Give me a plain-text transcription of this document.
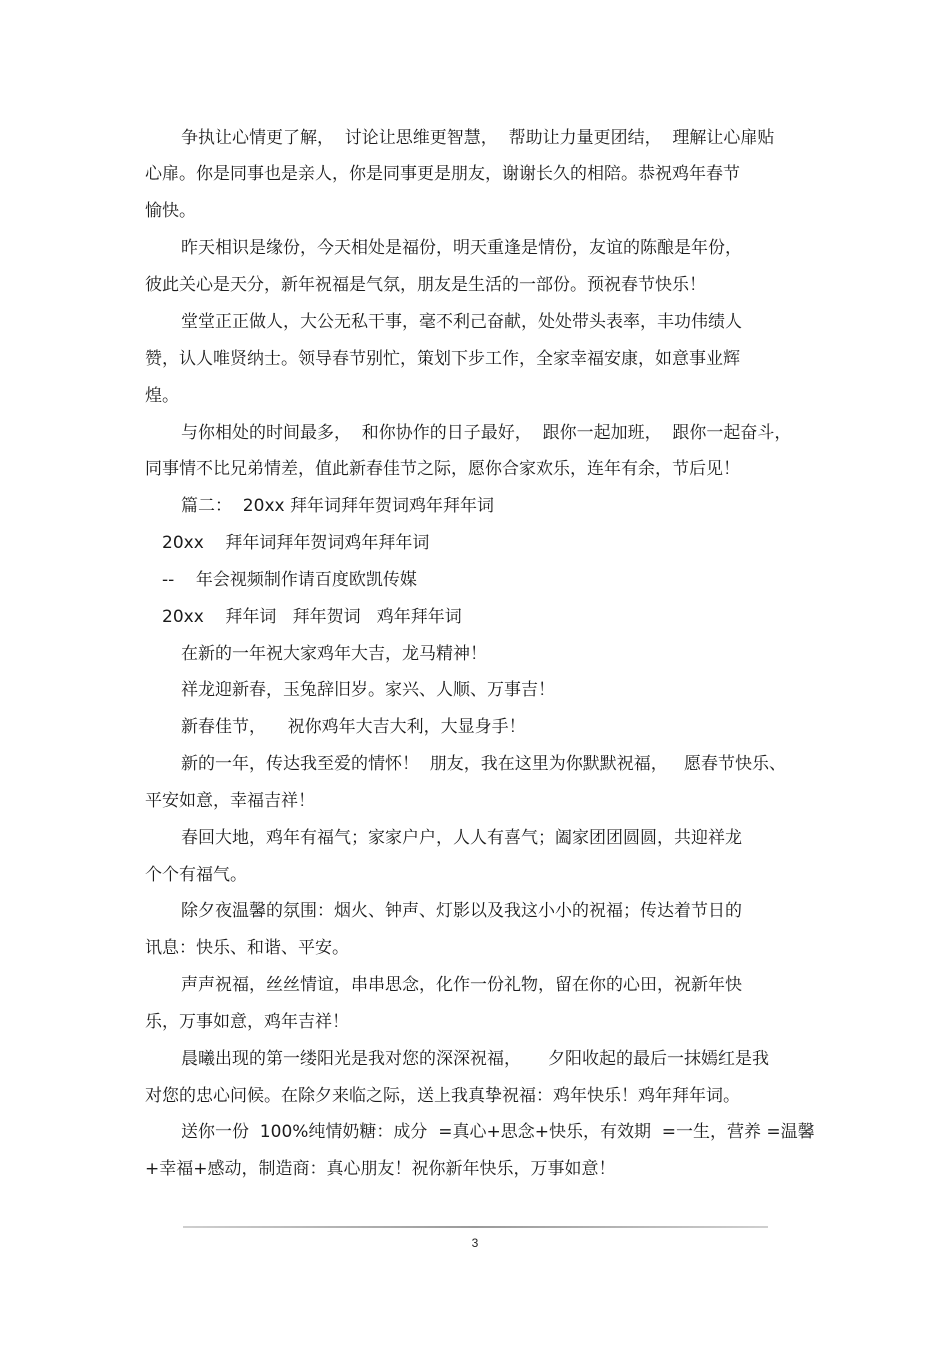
争执让心情更了解，  讨论让思维更智慧，  帮助让力量更团结，  理解让心扉贴
心扉。你是同事也是亲人，你是同事更是朋友，谢谢长久的相陪。恭祝鸡年春节
愉快。
昨天相识是缘份，今天相处是福份，明天重逢是情份，友谊的陈酿是年份，
彼此关心是天分，新年祝福是气氛，朋友是生活的一部份。预祝春节快乐！
堂堂正正做人，大公无私干事，毫不利己奋献，处处带头表率，丰功伟绩人
赞，认人唯贤纳士。领导春节别忙，策划下步工作，全家幸福安康，如意事业辉
煌。
与你相处的时间最多，  和你协作的日子最好，  跟你一起加班，  跟你一起奋斗，
同事情不比兄弟情差，值此新春佳节之际，愿你合家欢乐，连年有余，节后见！
篇二：  20xx 拜年词拜年贺词鸡年拜年词
20xx    拜年词拜年贺词鸡年拜年词
--    年会视频制作请百度欧凯传媒
20xx    拜年词   拜年贺词   鸡年拜年词
在新的一年祝大家鸡年大吉，龙马精神！
祥龙迎新春，玉兔辞旧岁。家兴、人顺、万事吉！
新春佳节，    祝你鸡年大吉大利，大显身手！
新的一年，传达我至爱的情怀！  朋友，我在这里为你默默祝福，   愿春节快乐、
平安如意，幸福吉祥！
春回大地，鸡年有福气；家家户户，人人有喜气；阖家团团圆圆，共迎祥龙
个个有福气。
除夕夜温馨的氛围：烟火、钟声、灯影以及我这小小的祝福；传达着节日的
讯息：快乐、和谐、平安。
声声祝福，丝丝情谊，串串思念，化作一份礼物，留在你的心田，祝新年快
乐，万事如意，鸡年吉祥！
晨曦出现的第一缕阳光是我对您的深深祝福，     夕阳收起的最后一抹嫣红是我
对您的忠心问候。在除夕来临之际，送上我真挚祝福：鸡年快乐！鸡年拜年词。
送你一份  100%纯情奶糖：成分  =真心+思念+快乐，有效期  =一生，营养 =温馨
+幸福+感动，制造商：真心朋友！祝你新年快乐，万事如意！
3
